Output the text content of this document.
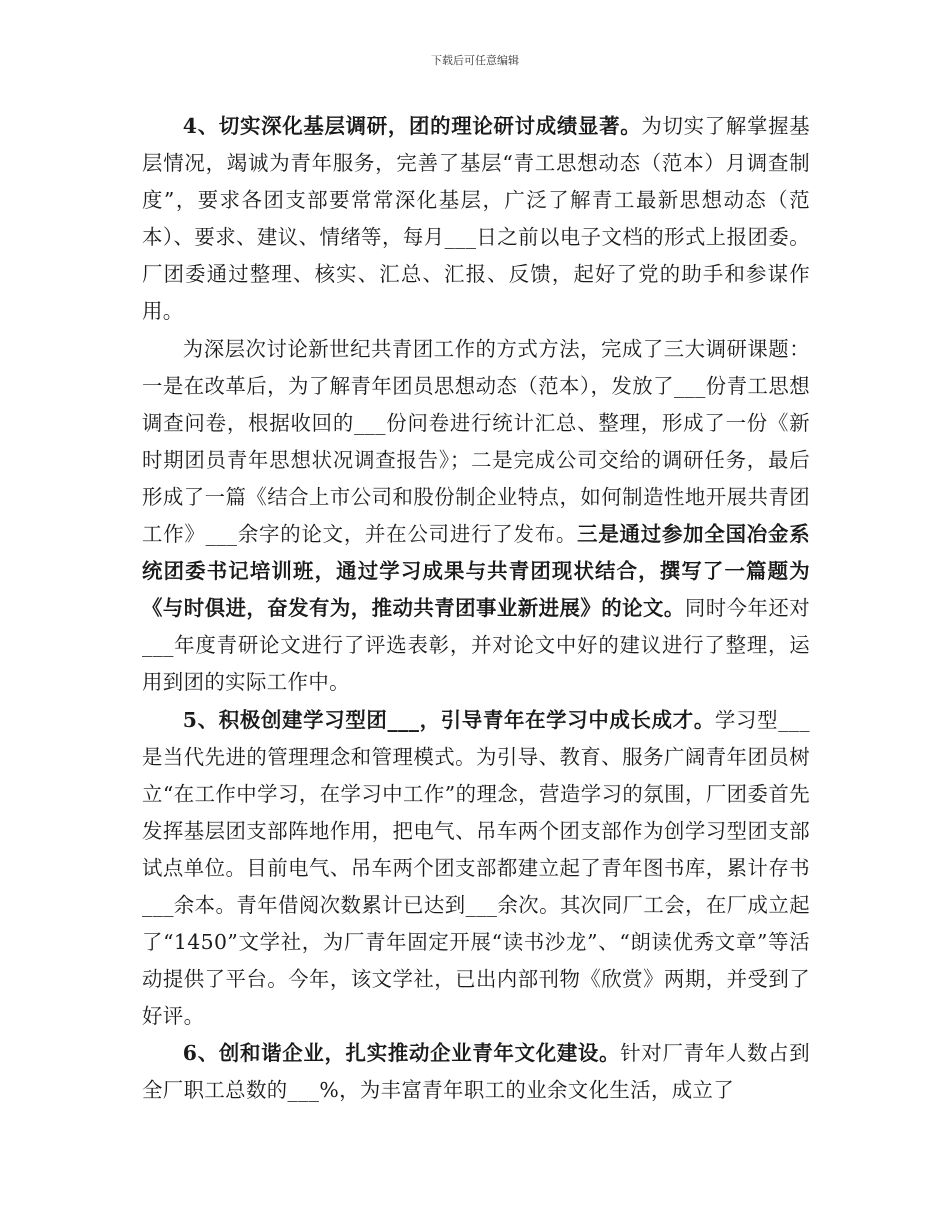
下载后可任意编辑

4、切实深化基层调研，团的理论研讨成绩显著。为切实了解掌握基层情况，竭诚为青年服务，完善了基层“青工思想动态（范本）月调查制度”，要求各团支部要常常深化基层，广泛了解青工最新思想动态（范本）、要求、建议、情绪等，每月___日之前以电子文档的形式上报团委。厂团委通过整理、核实、汇总、汇报、反馈，起好了党的助手和参谋作用。

为深层次讨论新世纪共青团工作的方式方法，完成了三大调研课题：一是在改革后，为了解青年团员思想动态（范本），发放了___份青工思想调查问卷，根据收回的___份问卷进行统计汇总、整理，形成了一份《新时期团员青年思想状况调查报告》；二是完成公司交给的调研任务，最后形成了一篇《结合上市公司和股份制企业特点，如何制造性地开展共青团工作》___余字的论文，并在公司进行了发布。三是通过参加全国冶金系统团委书记培训班，通过学习成果与共青团现状结合，撰写了一篇题为《与时俱进，奋发有为，推动共青团事业新进展》的论文。同时今年还对___年度青研论文进行了评选表彰，并对论文中好的建议进行了整理，运用到团的实际工作中。

5、积极创建学习型团___，引导青年在学习中成长成才。学习型___是当代先进的管理理念和管理模式。为引导、教育、服务广阔青年团员树立“在工作中学习，在学习中工作”的理念，营造学习的氛围，厂团委首先发挥基层团支部阵地作用，把电气、吊车两个团支部作为创学习型团支部试点单位。目前电气、吊车两个团支部都建立起了青年图书库，累计存书___余本。青年借阅次数累计已达到___余次。其次同厂工会，在厂成立起了“1450”文学社，为厂青年固定开展“读书沙龙”、“朗读优秀文章”等活动提供了平台。今年，该文学社，已出内部刊物《欣赏》两期，并受到了好评。

6、创和谐企业，扎实推动企业青年文化建设。针对厂青年人数占到全厂职工总数的___%，为丰富青年职工的业余文化生活，成立了
